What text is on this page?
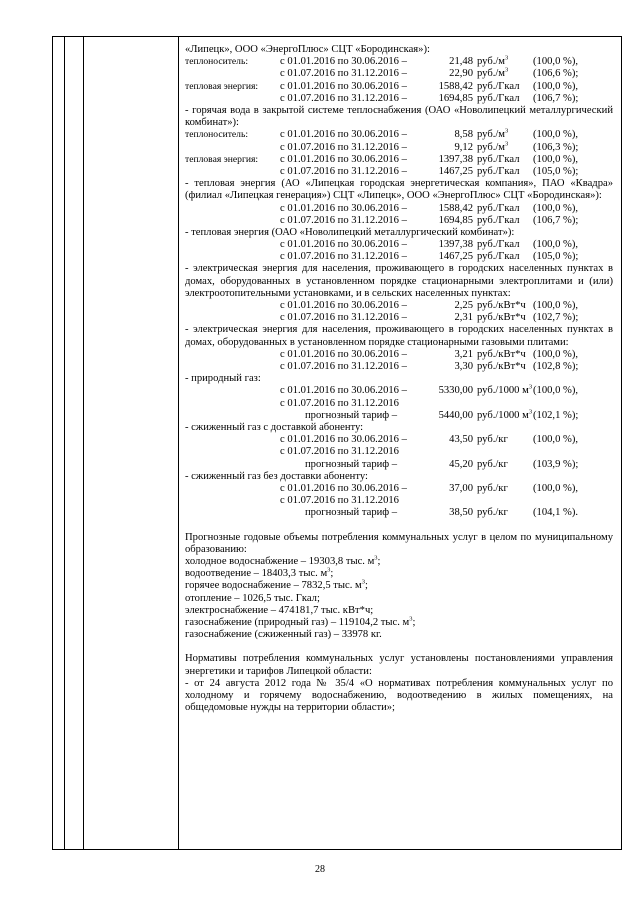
«Липецк», ООО «ЭнергоПлюс» СЦТ «Бородинская»):
теплоноситель:	с 01.01.2016 по 30.06.2016 –	21,48 $руб./м^3$ (100,0 %),
с 01.07.2016 по 31.12.2016 –	22,90 $руб./м^3$ (106,6 %);
тепловая энергия: с 01.01.2016 по 30.06.2016 –	1588,42 руб./Гкал (100,0 %),
с 01.07.2016 по 31.12.2016 –	1694,85 руб./Гкал (106,7 %);
- горячая вода в закрытой системе теплоснабжения (ОАО «Новолипецкий металлургический комбинат»):
теплоноситель:	с 01.01.2016 по 30.06.2016 –	8,58 $руб./м^3$ (100,0 %),
с 01.07.2016 по 31.12.2016 –	9,12 $руб./м^3$ (106,3 %);
тепловая энергия: с 01.01.2016 по 30.06.2016 –	1397,38 руб./Гкал (100,0 %),
с 01.07.2016 по 31.12.2016 –	1467,25 руб./Гкал (105,0 %);
- тепловая энергия (АО «Липецкая городская энергетическая компания», ПАО «Квадра» (филиал «Липецкая генерация») СЦТ «Липецк», ООО «ЭнергоПлюс» СЦТ «Бородинская»):
с 01.01.2016 по 30.06.2016 –	1588,42 руб./Гкал (100,0 %),
с 01.07.2016 по 31.12.2016 –	1694,85 руб./Гкал (106,7 %);
- тепловая энергия (ОАО «Новолипецкий металлургический комбинат»):
с 01.01.2016 по 30.06.2016 –	1397,38 руб./Гкал (100,0 %),
с 01.07.2016 по 31.12.2016 –	1467,25 руб./Гкал (105,0 %);
- электрическая энергия для населения, проживающего в городских населенных пунктах в домах, оборудованных в установленном порядке стационарными электроплитами и (или) электроотопительными установками, и в сельских населенных пунктах:
с 01.01.2016 по 30.06.2016 –	2,25 руб./кВт*ч (100,0 %),
с 01.07.2016 по 31.12.2016 –	2,31 руб./кВт*ч (102,7 %);
- электрическая энергия для населения, проживающего в городских населенных пунктах в домах, оборудованных в установленном порядке стационарными газовыми плитами:
с 01.01.2016 по 30.06.2016 –	3,21 руб./кВт*ч (100,0 %),
с 01.07.2016 по 31.12.2016 –	3,30 руб./кВт*ч (102,8 %);
- природный газ:
с 01.01.2016 по 30.06.2016 –	5330,00 руб./1000 $м^3$ (100,0 %),
с 01.07.2016 по 31.12.2016
прогнозный тариф –	5440,00 руб./1000 $м^3$ (102,1 %);
- сжиженный газ с доставкой абоненту:
с 01.01.2016 по 30.06.2016 –	43,50 руб./кг (100,0 %),
с 01.07.2016 по 31.12.2016
прогнозный тариф –	45,20 руб./кг (103,9 %);
- сжиженный газ без доставки абоненту:
с 01.01.2016 по 30.06.2016 –	37,00 руб./кг (100,0 %),
с 01.07.2016 по 31.12.2016
прогнозный тариф –	38,50 руб./кг (104,1 %).
Прогнозные годовые объемы потребления коммунальных услуг в целом по муниципальному образованию:
холодное водоснабжение – 19303,8 тыс. $м^3$;
водоотведение – 18403,3 тыс. $м^3$;
горячее водоснабжение – 7832,5 тыс. $м^3$;
отопление – 1026,5 тыс. Гкал;
электроснабжение – 474181,7 тыс. кВт*ч;
газоснабжение (природный газ) – 119104,2 тыс. $м^3$;
газоснабжение (сжиженный газ) – 33978 кг.
Нормативы потребления коммунальных услуг установлены постановлениями управления энергетики и тарифов Липецкой области:
- от 24 августа 2012 года № 35/4 «О нормативах потребления коммунальных услуг по холодному и горячему водоснабжению, водоотведению в жилых помещениях, на общедомовые нужды на территории области»;
28
